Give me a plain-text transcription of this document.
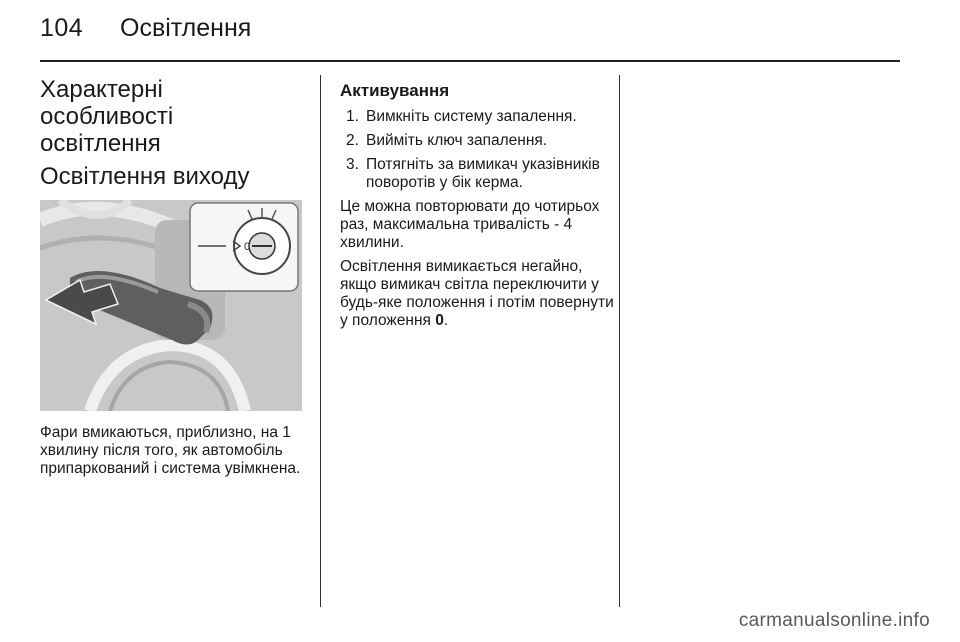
104 Освітлення
Характерні особливості освітлення
Освітлення виходу
0

Фари вмикаються, приблизно, на 1 хвилину після того, як автомобіль припаркований і система увімкнена.

Активування
1. Вимкніть систему запалення.
2. Вийміть ключ запалення.
3. Потягніть за вимикач указівників поворотів у бік керма.

Це можна повторювати до чотирьох раз, максимальна тривалість - 4 хвилини.

Освітлення вимикається негайно, якщо вимикач світла переключити у будь-яке положення і потім повернути у положення 0.

carmanualsonline.info
